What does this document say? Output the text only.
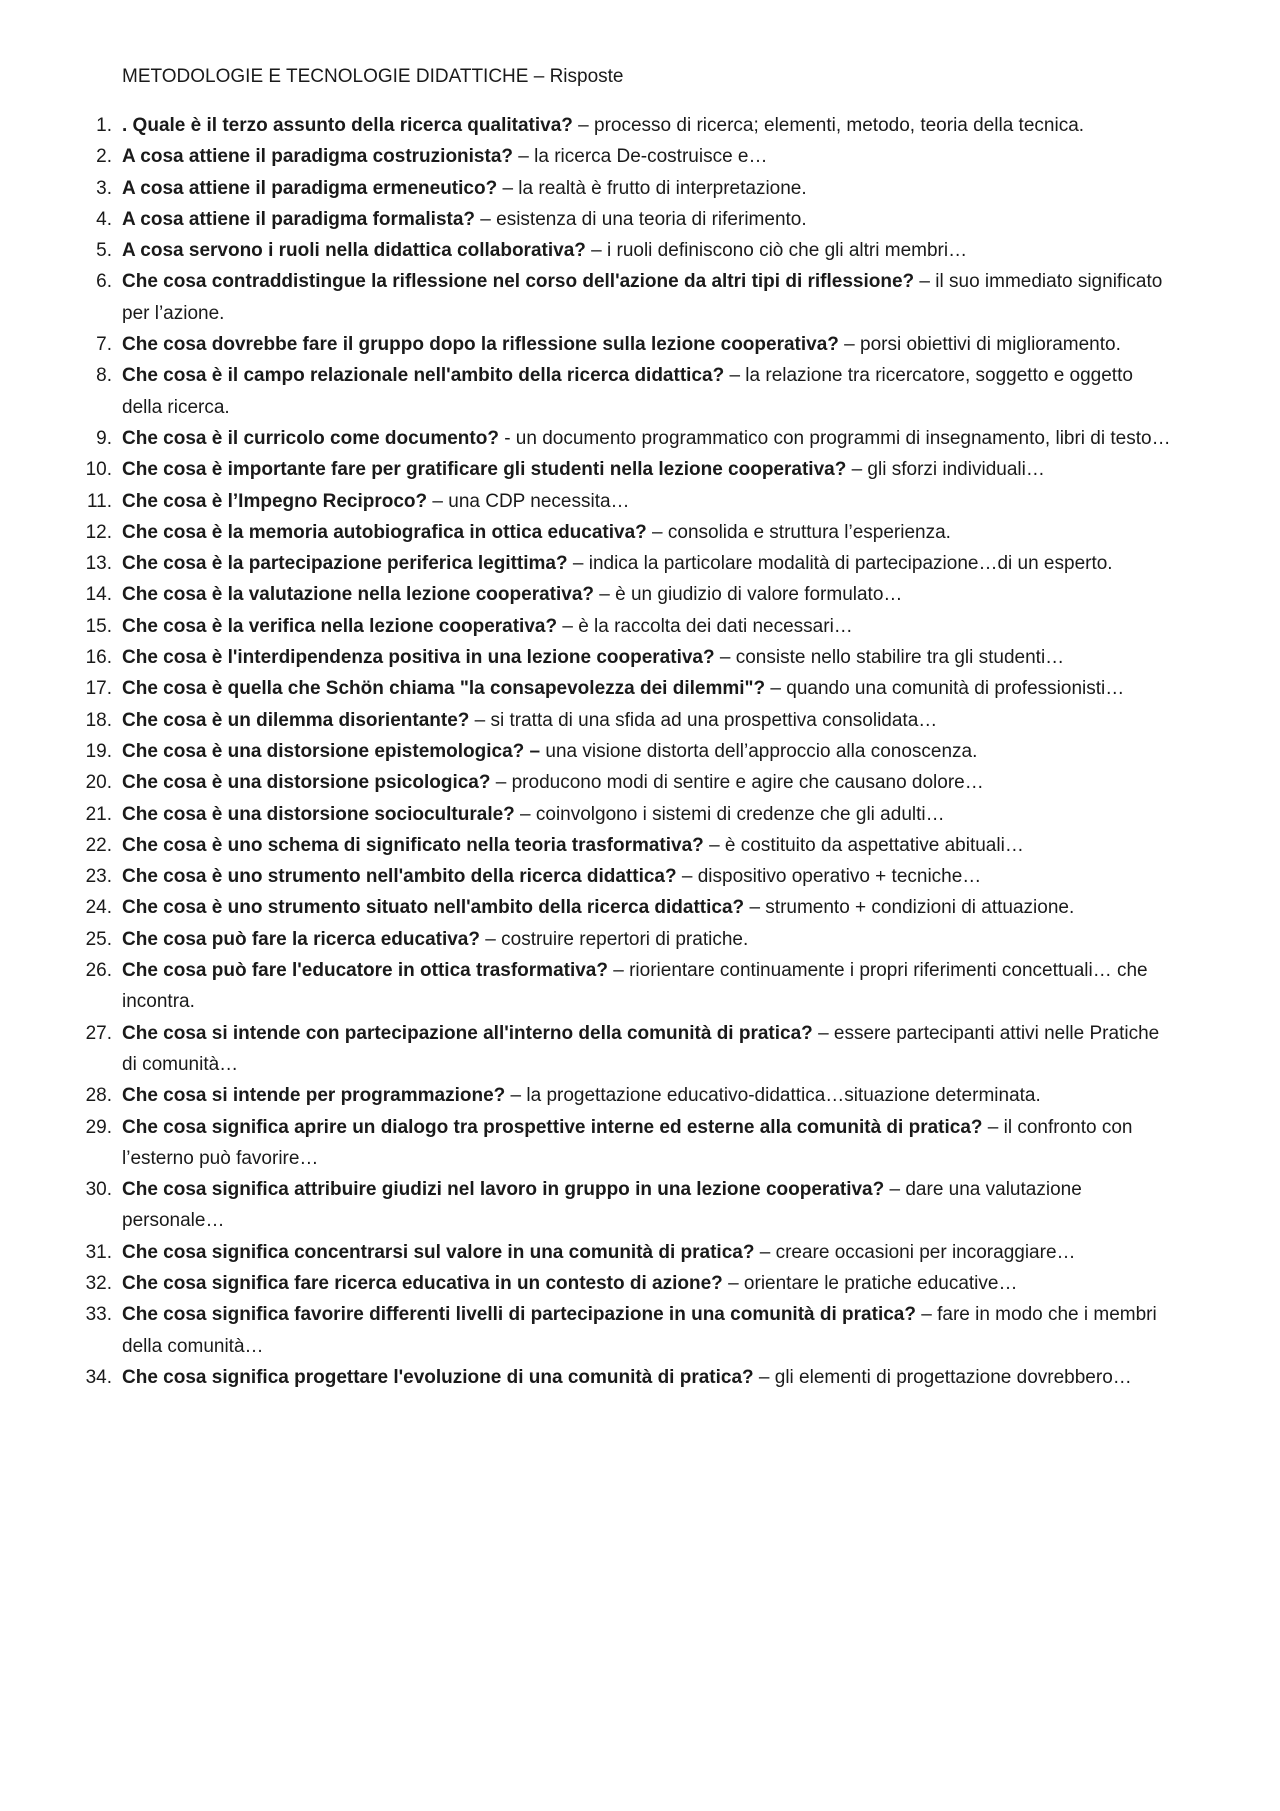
METODOLOGIE E TECNOLOGIE DIDATTICHE – Risposte
1. . Quale è il terzo assunto della ricerca qualitativa? – processo di ricerca; elementi, metodo, teoria della tecnica.
2. A cosa attiene il paradigma costruzionista? – la ricerca De-costruisce e…
3. A cosa attiene il paradigma ermeneutico? – la realtà è frutto di interpretazione.
4. A cosa attiene il paradigma formalista? – esistenza di una teoria di riferimento.
5. A cosa servono i ruoli nella didattica collaborativa? – i ruoli definiscono ciò che gli altri membri…
6. Che cosa contraddistingue la riflessione nel corso dell'azione da altri tipi di riflessione? – il suo immediato significato per l’azione.
7. Che cosa dovrebbe fare il gruppo dopo la riflessione sulla lezione cooperativa? – porsi obiettivi di miglioramento.
8. Che cosa è il campo relazionale nell'ambito della ricerca didattica? – la relazione tra ricercatore, soggetto e oggetto della ricerca.
9. Che cosa è il curricolo come documento? - un documento programmatico con programmi di insegnamento, libri di testo…
10. Che cosa è importante fare per gratificare gli studenti nella lezione cooperativa? – gli sforzi individuali…
11. Che cosa è l’Impegno Reciproco? – una CDP necessita…
12. Che cosa è la memoria autobiografica in ottica educativa? – consolida e struttura l’esperienza.
13. Che cosa è la partecipazione periferica legittima? – indica la particolare modalità di partecipazione…di un esperto.
14. Che cosa è la valutazione nella lezione cooperativa? – è un giudizio di valore formulato…
15. Che cosa è la verifica nella lezione cooperativa? – è la raccolta dei dati necessari…
16. Che cosa è l'interdipendenza positiva in una lezione cooperativa? – consiste nello stabilire tra gli studenti…
17. Che cosa è quella che Schön chiama "la consapevolezza dei dilemmi"? – quando una comunità di professionisti…
18. Che cosa è un dilemma disorientante? – si tratta di una sfida ad una prospettiva consolidata…
19. Che cosa è una distorsione epistemologica? – una visione distorta dell’approccio alla conoscenza.
20. Che cosa è una distorsione psicologica? – producono modi di sentire e agire che causano dolore…
21. Che cosa è una distorsione socioculturale? – coinvolgono i sistemi di credenze che gli adulti…
22. Che cosa è uno schema di significato nella teoria trasformativa? – è costituito da aspettative abituali…
23. Che cosa è uno strumento nell'ambito della ricerca didattica? – dispositivo operativo + tecniche…
24. Che cosa è uno strumento situato nell'ambito della ricerca didattica? – strumento + condizioni di attuazione.
25. Che cosa può fare la ricerca educativa? – costruire repertori di pratiche.
26. Che cosa può fare l'educatore in ottica trasformativa? – riorientare continuamente i propri riferimenti concettuali… che incontra.
27. Che cosa si intende con partecipazione all'interno della comunità di pratica? – essere partecipanti attivi nelle Pratiche di comunità…
28. Che cosa si intende per programmazione? – la progettazione educativo-didattica…situazione determinata.
29. Che cosa significa aprire un dialogo tra prospettive interne ed esterne alla comunità di pratica? – il confronto con l’esterno può favorire…
30. Che cosa significa attribuire giudizi nel lavoro in gruppo in una lezione cooperativa? – dare una valutazione personale…
31. Che cosa significa concentrarsi sul valore in una comunità di pratica? – creare occasioni per incoraggiare…
32. Che cosa significa fare ricerca educativa in un contesto di azione? – orientare le pratiche educative…
33. Che cosa significa favorire differenti livelli di partecipazione in una comunità di pratica? – fare in modo che i membri della comunità…
34. Che cosa significa progettare l'evoluzione di una comunità di pratica? – gli elementi di progettazione dovrebbero…
